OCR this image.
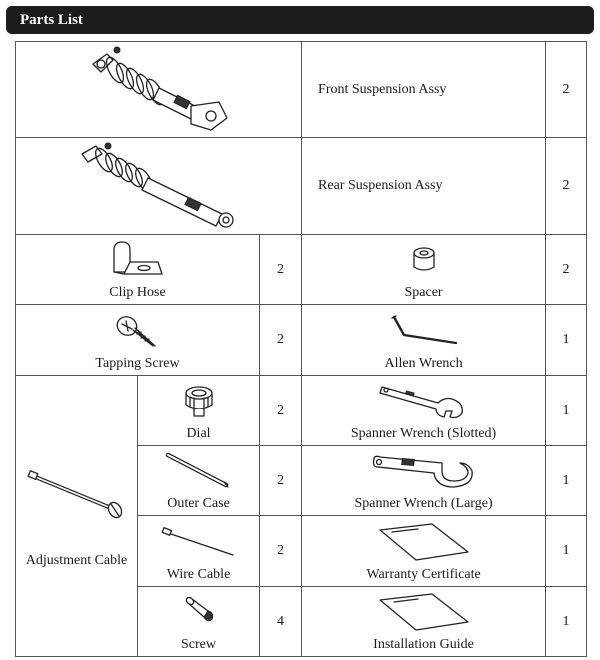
Parts List
	Front Suspension Assy	2

	Rear Suspension Assy	2

Clip Hose		2	Spacer	2

Tapping Screw		2	Allen Wrench	1

Adjustment Cable	Dial	2	Spanner Wrench (Slotted)	1

	Outer Case	2	Spanner Wrench (Large)	1

	Wire Cable	2	Warranty Certificate	1

	Screw	4	Installation Guide	1
